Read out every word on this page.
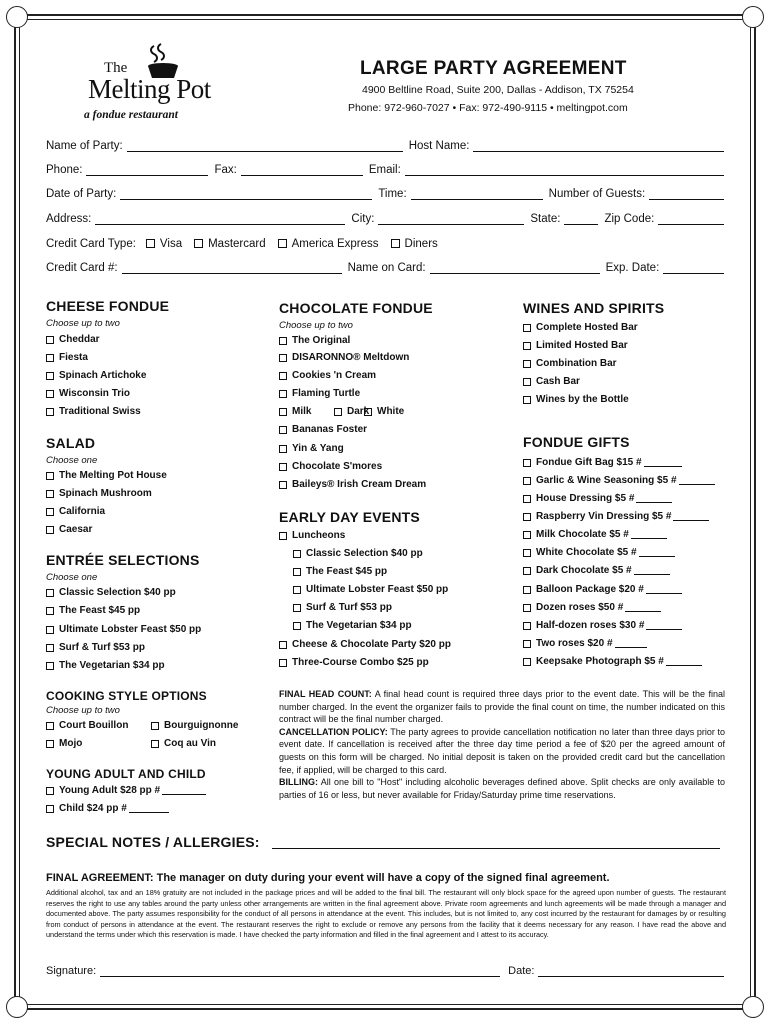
The
Melting Pot
a fondue restaurant
LARGE PARTY AGREEMENT
4900 Beltline Road, Suite 200, Dallas - Addison, TX 75254
Phone: 972-960-7027 • Fax: 972-490-9115 • meltingpot.com
Name of Party:	Host Name:
Phone:	Fax:	Email:
Date of Party:	Time:	Number of Guests:
Address:	City:	State:	Zip Code:
Credit Card Type:	Visa Mastercard America Express Diners
Credit Card #:	Name on Card:	Exp. Date:
CHEESE FONDUE
Choose up to two
Cheddar
Fiesta
Spinach Artichoke
Wisconsin Trio
Traditional Swiss
SALAD
Choose one
The Melting Pot House
Spinach Mushroom
California
Caesar
ENTRÉE SELECTIONS
Choose one
Classic Selection $40 pp
The Feast $45 pp
Ultimate Lobster Feast $50 pp
Surf & Turf $53 pp
The Vegetarian $34 pp
COOKING STYLE OPTIONS
Choose up to two
Court Bouillon	Bourguignonne
Mojo	Coq au Vin
YOUNG ADULT AND CHILD
Young Adult $28 pp #
Child $24 pp #
CHOCOLATE FONDUE
Choose up to two
The Original
DISARONNO® Meltdown
Cookies 'n Cream
Flaming Turtle
Milk	Dark White
Bananas Foster
Yin & Yang
Chocolate S'mores
Baileys® Irish Cream Dream
EARLY DAY EVENTS
Luncheons
Classic Selection $40 pp
The Feast $45 pp
Ultimate Lobster Feast $50 pp
Surf & Turf $53 pp
The Vegetarian $34 pp
Cheese & Chocolate Party $20 pp
Three-Course Combo $25 pp
WINES AND SPIRITS
Complete Hosted Bar
Limited Hosted Bar
Combination Bar
Cash Bar
Wines by the Bottle
FONDUE GIFTS
Fondue Gift Bag $15 #
Garlic & Wine Seasoning $5 #
House Dressing $5 #
Raspberry Vin Dressing $5 #
Milk Chocolate $5 #
White Chocolate $5 #
Dark Chocolate $5 #
Balloon Package $20 #
Dozen roses $50 #
Half-dozen roses $30 #
Two roses $20 #
Keepsake Photograph $5 #
FINAL HEAD COUNT: A final head count is required three days prior to the event date. This will be the final number charged. In the event the organizer fails to provide the final count on time, the number indicated on this contract will be the final number charged.
CANCELLATION POLICY: The party agrees to provide cancellation notification no later than three days prior to event date. If cancellation is received after the three day time period a fee of $20 per the agreed amount of guests on this form will be charged. No initial deposit is taken on the provided credit card but the cancellation fee, if applied, will be charged to this card.
BILLING: All one bill to "Host" including alcoholic beverages defined above. Split checks are only available to parties of 16 or less, but never available for Friday/Saturday prime time reservations.
SPECIAL NOTES / ALLERGIES:
FINAL AGREEMENT: The manager on duty during your event will have a copy of the signed final agreement.
Additional alcohol, tax and an 18% gratuity are not included in the package prices and will be added to the final bill. The restaurant will only block space for the agreed upon number of guests. The restaurant reserves the right to use any tables around the party unless other arrangements are written in the final agreement above. Private room agreements and lunch agreements will be made through a manager and documented above. The party assumes responsibility for the conduct of all persons in attendance at the event. This includes, but is not limited to, any cost incurred by the restaurant for damages by or resulting from conduct of persons in attendance at the event. The restaurant reserves the right to exclude or remove any persons from the facility that it deems necessary for any reason. I have read the above and understand the terms under which this reservation is made. I have checked the party information and filled in the final agreement and I attest to its accuracy.
Signature:	Date:
